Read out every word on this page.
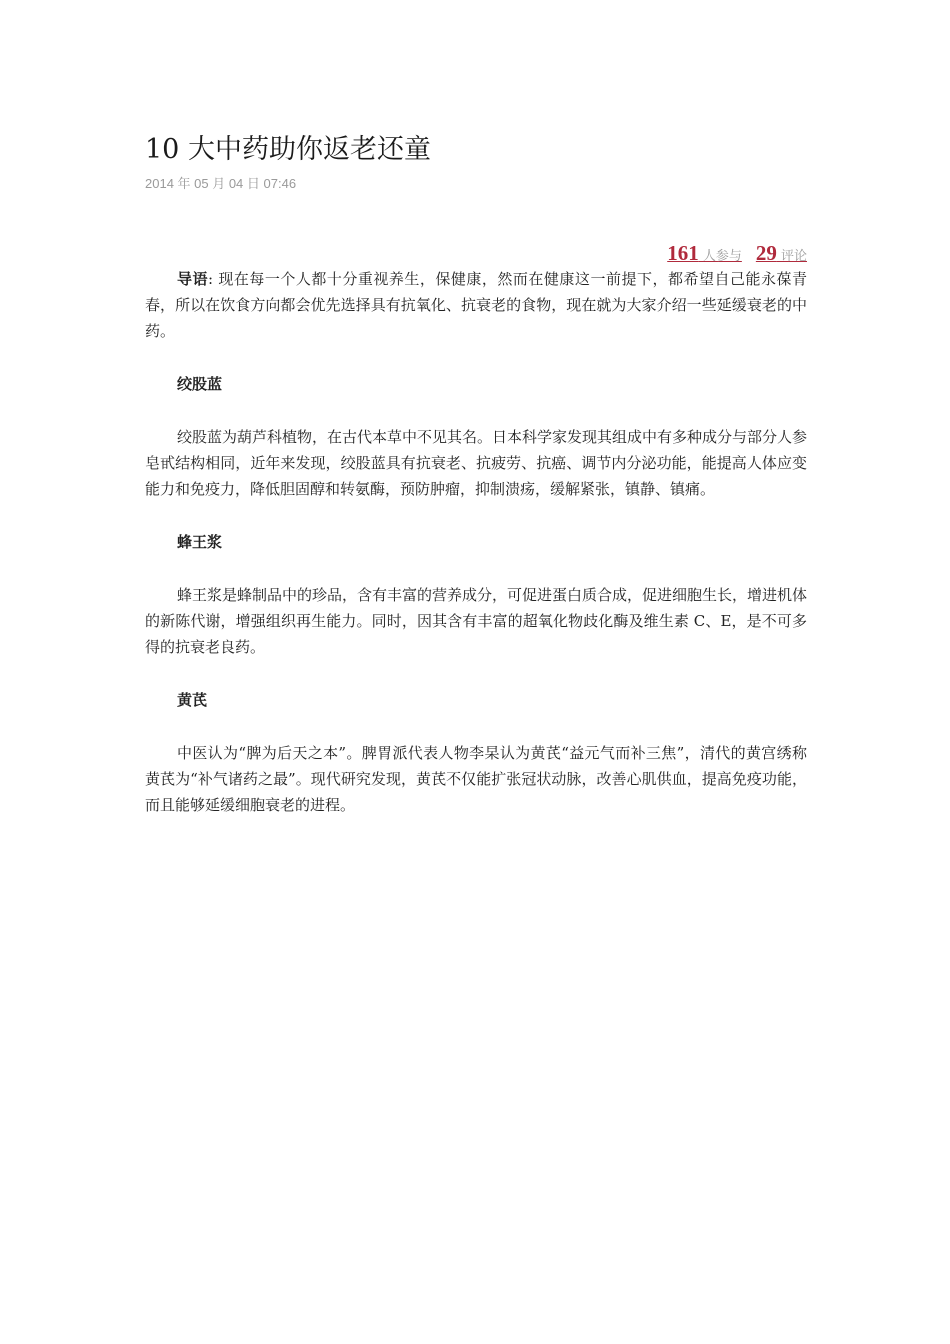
10 大中药助你返老还童
2014 年 05 月 04 日 07:46
161 人参与 29 评论

导语: 现在每一个人都十分重视养生，保健康，然而在健康这一前提下，都希望自己能永葆青春，所以在饮食方向都会优先选择具有抗氧化、抗衰老的食物，现在就为大家介绍一些延缓衰老的中药。

绞股蓝

绞股蓝为葫芦科植物，在古代本草中不见其名。日本科学家发现其组成中有多种成分与部分人参皂甙结构相同，近年来发现，绞股蓝具有抗衰老、抗疲劳、抗癌、调节内分泌功能，能提高人体应变能力和免疫力，降低胆固醇和转氨酶，预防肿瘤，抑制溃疡，缓解紧张，镇静、镇痛。

蜂王浆

蜂王浆是蜂制品中的珍品，含有丰富的营养成分，可促进蛋白质合成，促进细胞生长，增进机体的新陈代谢，增强组织再生能力。同时，因其含有丰富的超氧化物歧化酶及维生素 C、E，是不可多得的抗衰老良药。

黄芪

中医认为“脾为后天之本”。脾胃派代表人物李杲认为黄芪“益元气而补三焦”，清代的黄宫绣称黄芪为“补气诸药之最”。现代研究发现，黄芪不仅能扩张冠状动脉，改善心肌供血，提高免疫功能，而且能够延缓细胞衰老的进程。
